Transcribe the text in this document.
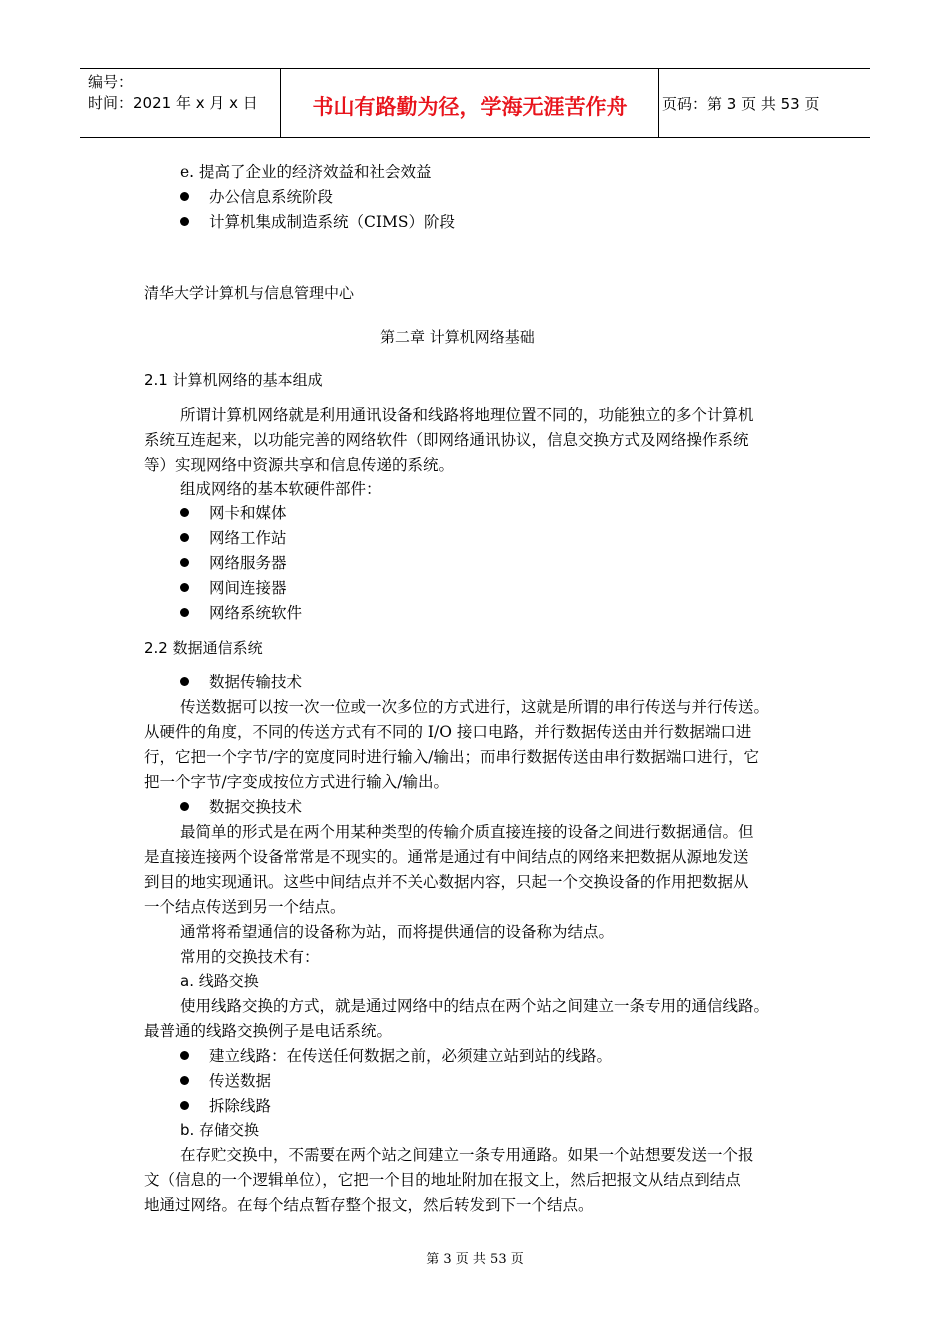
编号：
时间：2021 年 x 月 x 日	书山有路勤为径，学海无涯苦作舟	页码：第 3 页 共 53 页
e. 提高了企业的经济效益和社会效益
办公信息系统阶段
计算机集成制造系统（CIMS）阶段
清华大学计算机与信息管理中心
第二章 计算机网络基础
2.1 计算机网络的基本组成
所谓计算机网络就是利用通讯设备和线路将地理位置不同的，功能独立的多个计算机
系统互连起来，以功能完善的网络软件（即网络通讯协议，信息交换方式及网络操作系统
等）实现网络中资源共享和信息传递的系统。
组成网络的基本软硬件部件：
网卡和媒体
网络工作站
网络服务器
网间连接器
网络系统软件
2.2 数据通信系统
数据传输技术
传送数据可以按一次一位或一次多位的方式进行，这就是所谓的串行传送与并行传送。
从硬件的角度，不同的传送方式有不同的 I/O 接口电路，并行数据传送由并行数据端口进
行，它把一个字节/字的宽度同时进行输入/输出；而串行数据传送由串行数据端口进行，它
把一个字节/字变成按位方式进行输入/输出。
数据交换技术
最简单的形式是在两个用某种类型的传输介质直接连接的设备之间进行数据通信。但
是直接连接两个设备常常是不现实的。通常是通过有中间结点的网络来把数据从源地发送
到目的地实现通讯。这些中间结点并不关心数据内容，只起一个交换设备的作用把数据从
一个结点传送到另一个结点。
通常将希望通信的设备称为站，而将提供通信的设备称为结点。
常用的交换技术有：
a. 线路交换
使用线路交换的方式，就是通过网络中的结点在两个站之间建立一条专用的通信线路。
最普通的线路交换例子是电话系统。
建立线路：在传送任何数据之前，必须建立站到站的线路。
传送数据
拆除线路
b. 存储交换
在存贮交换中，不需要在两个站之间建立一条专用通路。如果一个站想要发送一个报
文（信息的一个逻辑单位），它把一个目的地址附加在报文上，然后把报文从结点到结点
地通过网络。在每个结点暂存整个报文，然后转发到下一个结点。
第 3 页 共 53 页
